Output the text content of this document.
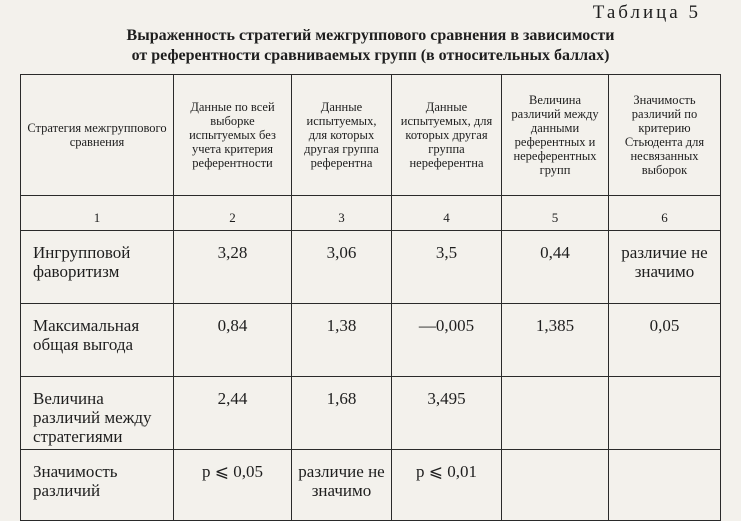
Таблица 5
Выраженность стратегий межгруппового сравнения в зависимости
от референтности сравниваемых групп (в относительных баллах)
Стратегия межгруппового сравнения	Данные по всей выборке испытуемых без учета критерия референтности	Данные испытуемых, для которых другая группа референтна	Данные испытуемых, для которых другая группа нереферентна	Величина различий между данными референтных и нереферентных групп	Значимость различий по критерию Стьюдента для несвязанных выборок
1	2	3	4	5	6
Ингрупповой фаворитизм	3,28	3,06	3,5	0,44	различие не значимо
Максимальная общая выгода	0,84	1,38	—0,005	1,385	0,05
Величина различий между стратегиями	2,44	1,68	3,495		
Значимость различий	p ⩽ 0,05	различие не значимо	p ⩽ 0,01		
